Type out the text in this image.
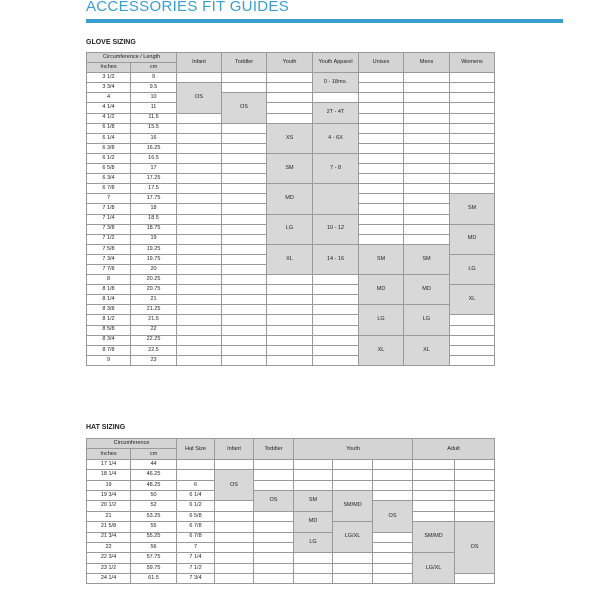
ACCESSORIES FIT GUIDES
GLOVE SIZING
Circumference / Length		Infant	Toddler	Youth	Youth Apparel	Unisex	Mens	Womens
Inches	cm							
3 1/2	9				0 - 18mo.			
3 3/4	9.5	OS						
4	10		OS					
4 1/4	11				2T - 4T			
4 1/2	11.5							
6 1/8	15.5			XS	4 - 6X			
6 1/4	16							
6 3/8	16.25							
6 1/2	16.5			SM	7 - 8			
6 5/8	17							
6 3/4	17.25							
6 7/8	17.5			MD				
7	17.75							SM
7 1/8	18							
7 1/4	18.5			LG	10 - 12			
7 3/8	18.75							MD
7 1/2	19							
7 5/8	19.25			XL	14 - 16	SM	SM	
7 3/4	19.75							LG
7 7/8	20							
8	20.25					MD	MD	
8 1/8	20.75							XL
8 1/4	21							
8 3/8	21.25					LG	LG	
8 1/2	21.5							
8 5/8	22							
8 3/4	22.25					XL	XL	
8 7/8	22.5							
9	23							
HAT SIZING
Circumference		Hat Size	Infant	Toddler	Youth			Adult	
Inches	cm								
17 1/4	44								
18 1/4	46.25		OS						
19	48.25	6							
19 3/4	50	6 1/4		OS	SM	SM/MD			
20 1/2	52	6 1/2					OS		
21	53.25	6 5/8			MD				
21 5/8	55	6 7/8				LG/XL		SM/MD	OS
21 3/4	55.25	6 7/8			LG				
22	56	7							
22 3/4	57.75	7 1/4						LG/XL	
23 1/2	59.75	7 1/2							
24 1/4	61.5	7 3/4							
